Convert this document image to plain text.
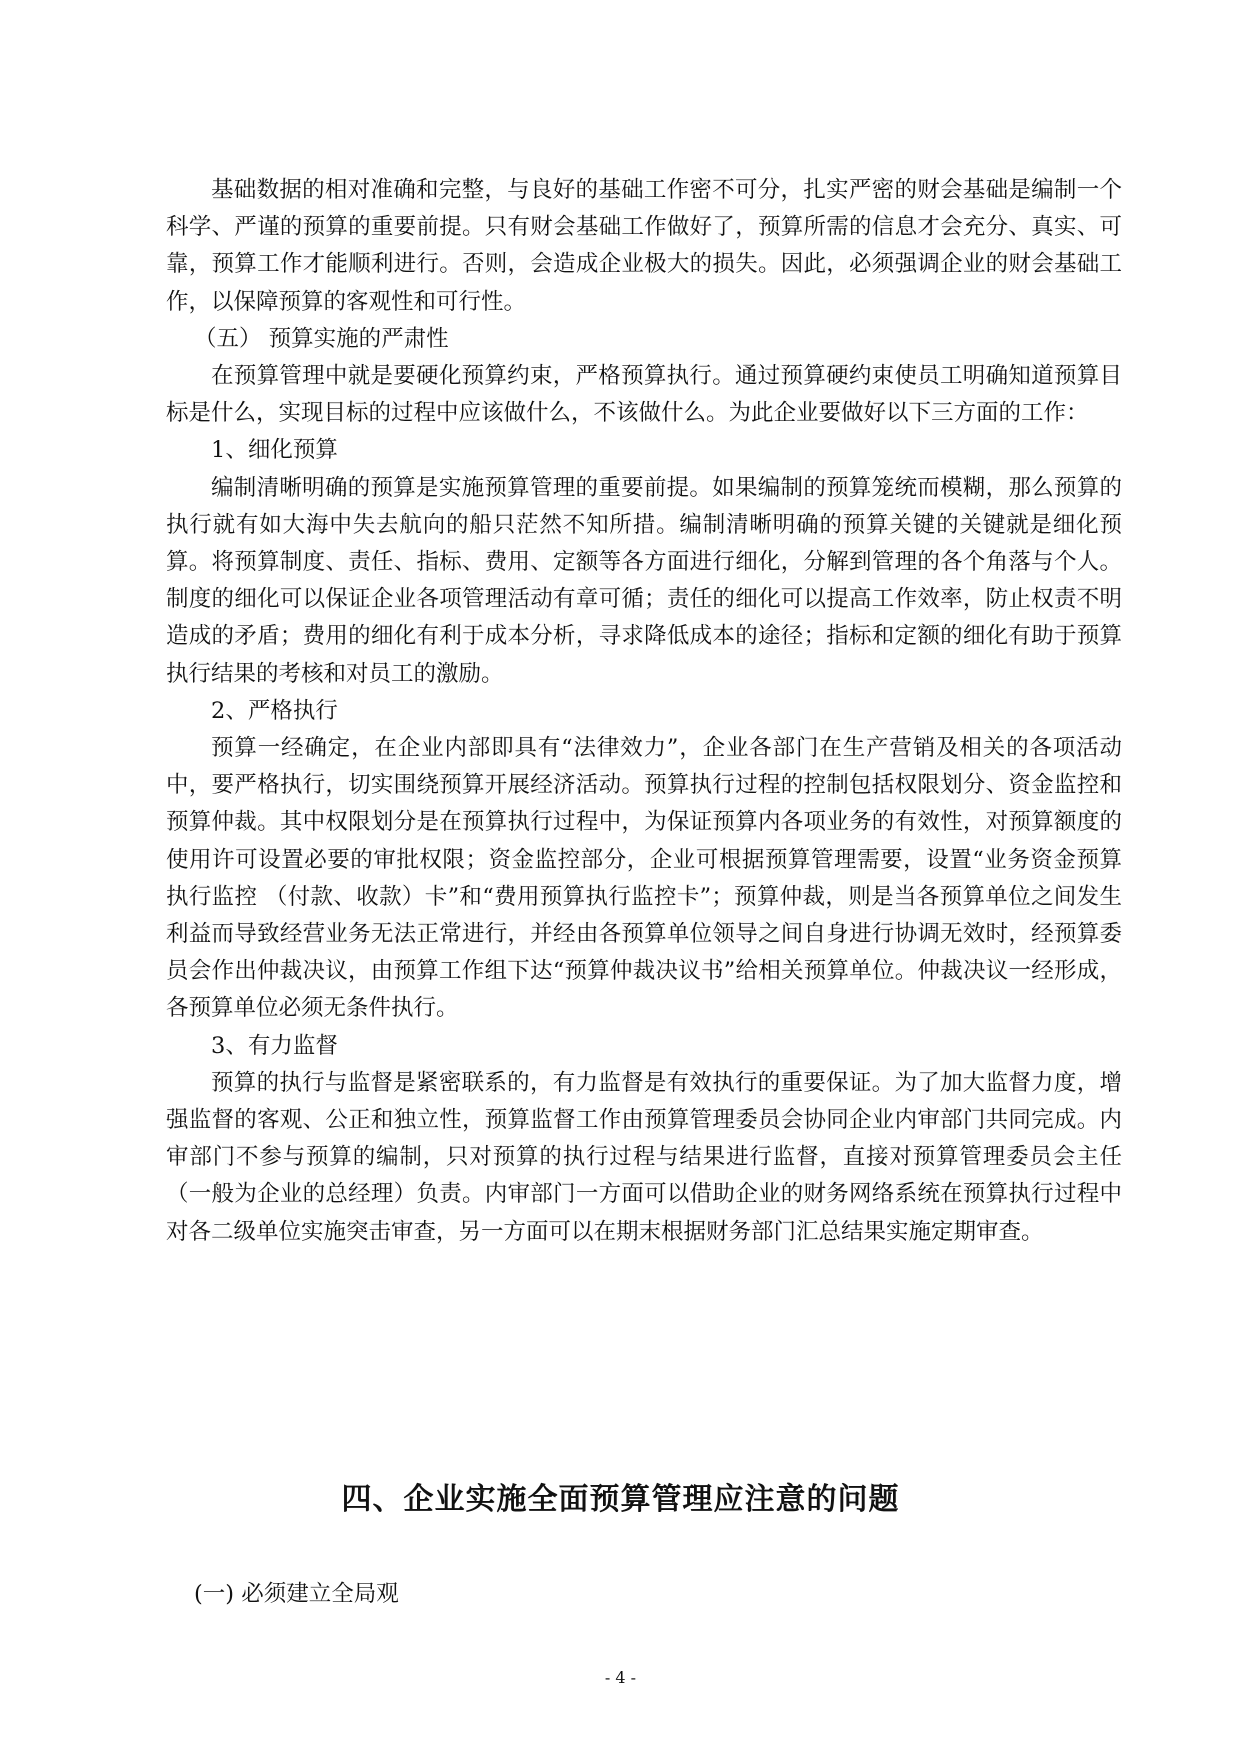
基础数据的相对准确和完整，与良好的基础工作密不可分，扎实严密的财会基础是编制一个科学、严谨的预算的重要前提。只有财会基础工作做好了，预算所需的信息才会充分、真实、可靠，预算工作才能顺利进行。否则，会造成企业极大的损失。因此，必须强调企业的财会基础工作，以保障预算的客观性和可行性。

（五） 预算实施的严肃性

在预算管理中就是要硬化预算约束，严格预算执行。通过预算硬约束使员工明确知道预算目标是什么，实现目标的过程中应该做什么，不该做什么。为此企业要做好以下三方面的工作：

1、细化预算

编制清晰明确的预算是实施预算管理的重要前提。如果编制的预算笼统而模糊，那么预算的执行就有如大海中失去航向的船只茫然不知所措。编制清晰明确的预算关键的关键就是细化预算。将预算制度、责任、指标、费用、定额等各方面进行细化，分解到管理的各个角落与个人。制度的细化可以保证企业各项管理活动有章可循；责任的细化可以提高工作效率，防止权责不明造成的矛盾；费用的细化有利于成本分析，寻求降低成本的途径；指标和定额的细化有助于预算执行结果的考核和对员工的激励。

2、严格执行

预算一经确定，在企业内部即具有“法律效力”，企业各部门在生产营销及相关的各项活动中，要严格执行，切实围绕预算开展经济活动。预算执行过程的控制包括权限划分、资金监控和预算仲裁。其中权限划分是在预算执行过程中，为保证预算内各项业务的有效性，对预算额度的使用许可设置必要的审批权限；资金监控部分，企业可根据预算管理需要，设置“业务资金预算执行监控 （付款、收款）卡”和“费用预算执行监控卡”；预算仲裁，则是当各预算单位之间发生利益而导致经营业务无法正常进行，并经由各预算单位领导之间自身进行协调无效时，经预算委员会作出仲裁决议，由预算工作组下达“预算仲裁决议书”给相关预算单位。仲裁决议一经形成，各预算单位必须无条件执行。

3、有力监督

预算的执行与监督是紧密联系的，有力监督是有效执行的重要保证。为了加大监督力度，增强监督的客观、公正和独立性，预算监督工作由预算管理委员会协同企业内审部门共同完成。内审部门不参与预算的编制，只对预算的执行过程与结果进行监督，直接对预算管理委员会主任（一般为企业的总经理）负责。内审部门一方面可以借助企业的财务网络系统在预算执行过程中对各二级单位实施突击审查，另一方面可以在期末根据财务部门汇总结果实施定期审查。

四、企业实施全面预算管理应注意的问题

(一) 必须建立全局观

- 4 -
